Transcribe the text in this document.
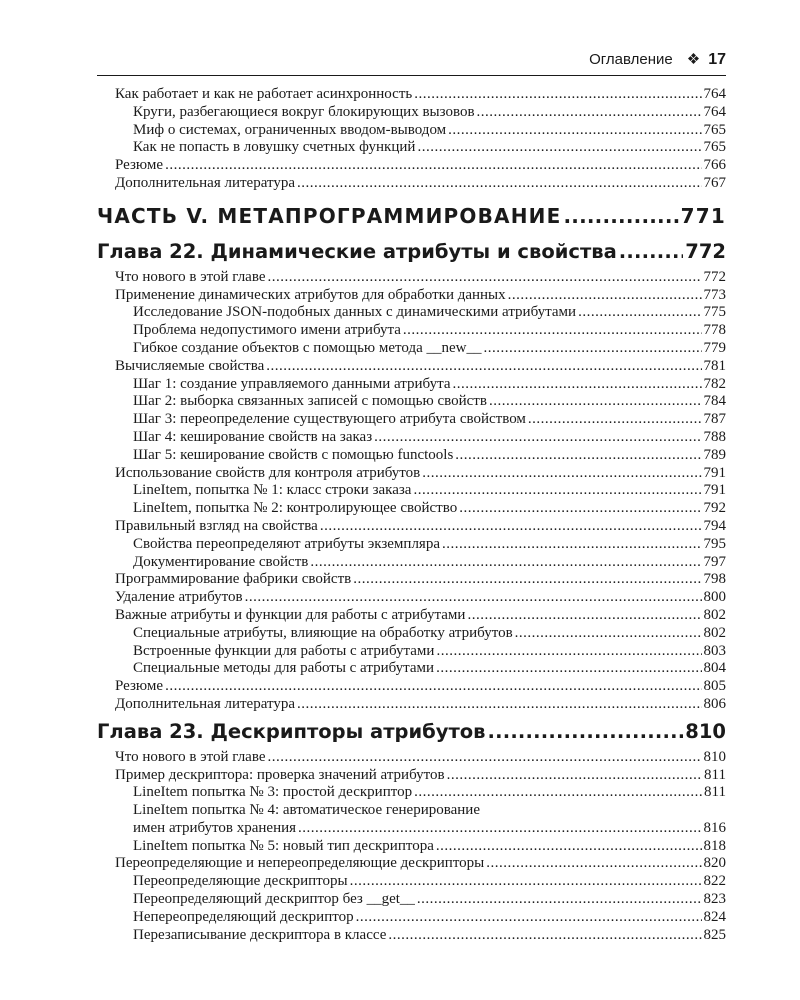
Оглавление ❖ 17
Как работает и как не работает асинхронность .....	764
Круги, разбегающиеся вокруг блокирующих вызовов .....	764
Миф о системах, ограниченных вводом-выводом .....	765
Как не попасть в ловушку счетных функций .....	765
Резюме .....	766
Дополнительная литература .....	767
ЧАСТЬ V. МЕТАПРОГРАММИРОВАНИЕ .....	771
Глава 22. Динамические атрибуты и свойства .....	772
Что нового в этой главе .....	772
Применение динамических атрибутов для обработки данных .....	773
Исследование JSON-подобных данных с динамическими атрибутами .....	775
Проблема недопустимого имени атрибута .....	778
Гибкое создание объектов с помощью метода __new__ .....	779
Вычисляемые свойства .....	781
Шаг 1: создание управляемого данными атрибута .....	782
Шаг 2: выборка связанных записей с помощью свойств .....	784
Шаг 3: переопределение существующего атрибута свойством .....	787
Шаг 4: кеширование свойств на заказ .....	788
Шаг 5: кеширование свойств с помощью functools .....	789
Использование свойств для контроля атрибутов .....	791
LineItem, попытка № 1: класс строки заказа .....	791
LineItem, попытка № 2: контролирующее свойство .....	792
Правильный взгляд на свойства .....	794
Свойства переопределяют атрибуты экземпляра .....	795
Документирование свойств .....	797
Программирование фабрики свойств .....	798
Удаление атрибутов .....	800
Важные атрибуты и функции для работы с атрибутами .....	802
Специальные атрибуты, влияющие на обработку атрибутов .....	802
Встроенные функции для работы с атрибутами .....	803
Специальные методы для работы с атрибутами .....	804
Резюме .....	805
Дополнительная литература .....	806
Глава 23. Дескрипторы атрибутов .....	810
Что нового в этой главе .....	810
Пример дескриптора: проверка значений атрибутов .....	811
LineItem попытка № 3: простой дескриптор .....	811
LineItem попытка № 4: автоматическое генерирование
имен атрибутов хранения .....	816
LineItem попытка № 5: новый тип дескриптора .....	818
Переопределяющие и непереопределяющие дескрипторы .....	820
Переопределяющие дескрипторы .....	822
Переопределяющий дескриптор без __get__ .....	823
Непереопределяющий дескриптор .....	824
Перезаписывание дескриптора в классе .....	825
